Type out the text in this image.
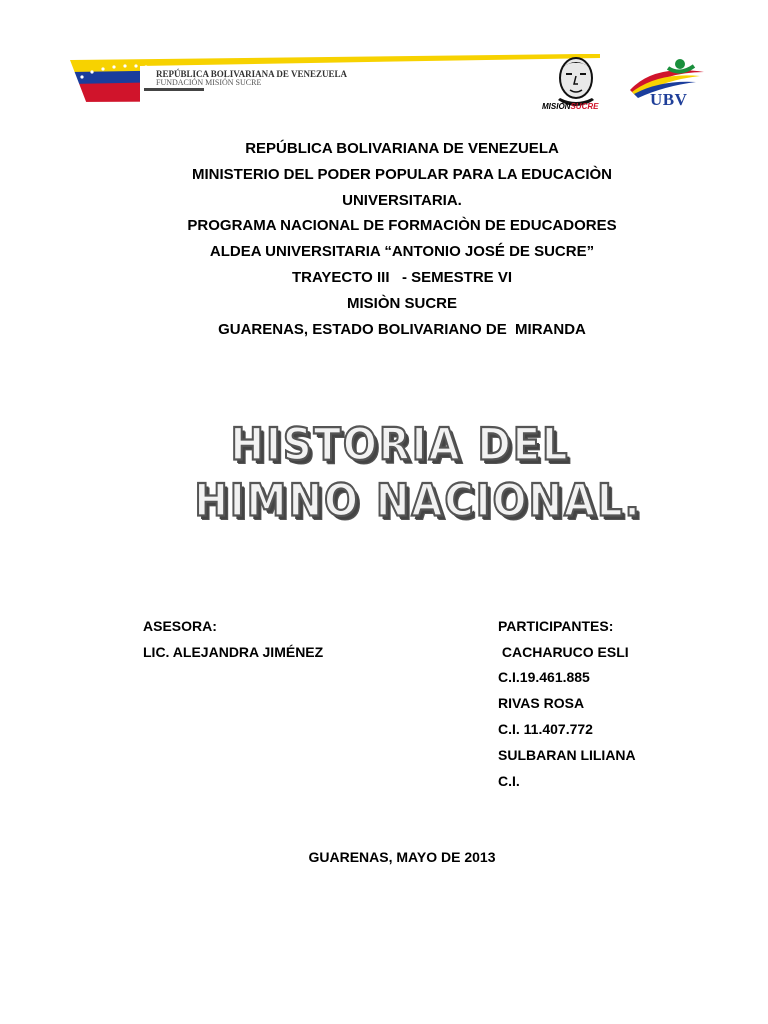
REPÚBLICA BOLIVARIANA DE VENEZUELA
FUNDACIÓN MISIÓN SUCRE
MISIÓNSUCRE	UBV
REPÚBLICA BOLIVARIANA DE VENEZUELA
MINISTERIO DEL PODER POPULAR PARA LA EDUCACIÒN
UNIVERSITARIA.
PROGRAMA NACIONAL DE FORMACIÒN DE EDUCADORES
ALDEA UNIVERSITARIA “ANTONIO JOSÉ DE SUCRE”
TRAYECTO III   - SEMESTRE VI
MISIÒN SUCRE
GUARENAS, ESTADO BOLIVARIANO DE  MIRANDA
HISTORIA DEL
HIMNO NACIONAL.
ASESORA:
LIC. ALEJANDRA JIMÉNEZ
PARTICIPANTES:
CACHARUCO ESLI
C.I.19.461.885
RIVAS ROSA
C.I. 11.407.772
SULBARAN LILIANA
C.I.
GUARENAS, MAYO DE 2013
